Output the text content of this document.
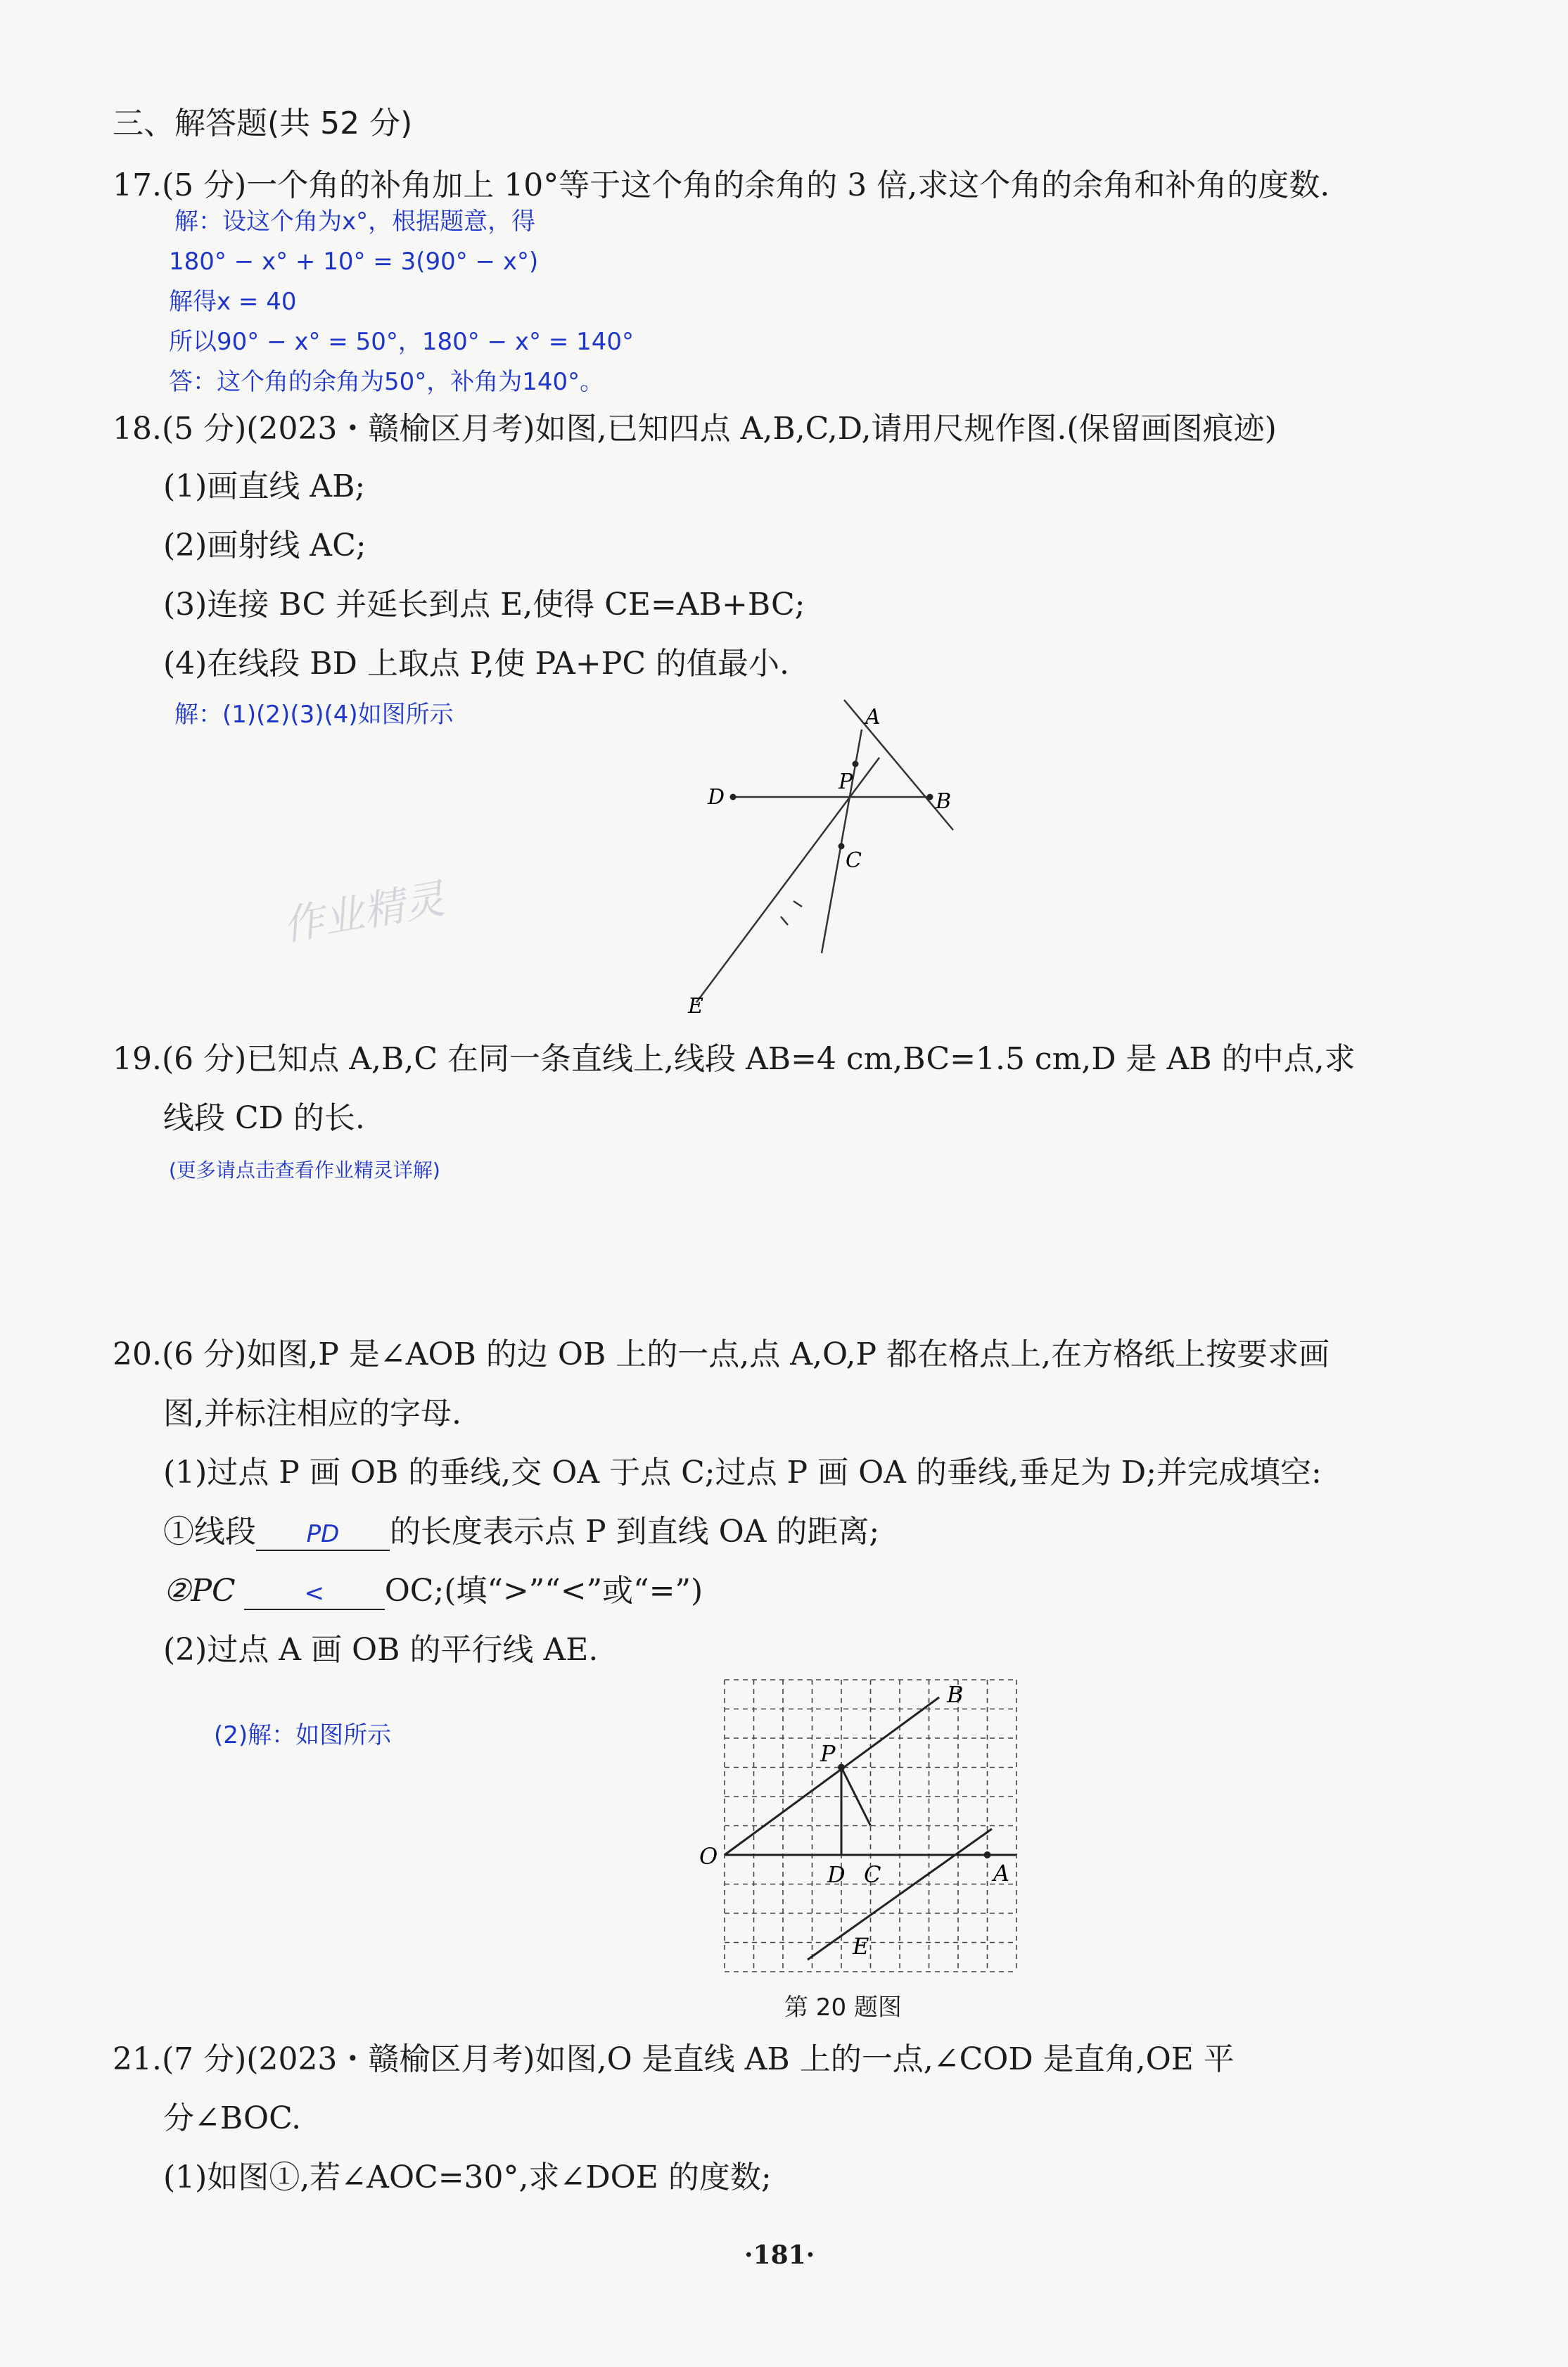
三、解答题(共 52 分)
17.(5 分)一个角的补角加上 10°等于这个角的余角的 3 倍,求这个角的余角和补角的度数.
解：设这个角为x°，根据题意，得
180° − x° + 10° = 3(90° − x°)
解得x = 40
所以90° − x° = 50°，180° − x° = 140°
答：这个角的余角为50°，补角为140°。
18.(5 分)(2023・赣榆区月考)如图,已知四点 A,B,C,D,请用尺规作图.(保留画图痕迹)
(1)画直线 AB;
(2)画射线 AC;
(3)连接 BC 并延长到点 E,使得 CE=AB+BC;
(4)在线段 BD 上取点 P,使 PA+PC 的值最小.
解：(1)(2)(3)(4)如图所示	A
B
C
D
E
P
作业精灵
19.(6 分)已知点 A,B,C 在同一条直线上,线段 AB=4 cm,BC=1.5 cm,D 是 AB 的中点,求
线段 CD 的长.
(更多请点击查看作业精灵详解)
20.(6 分)如图,P 是∠AOB 的边 OB 上的一点,点 A,O,P 都在格点上,在方格纸上按要求画
图,并标注相应的字母.
(1)过点 P 画 OB 的垂线,交 OA 于点 C;过点 P 画 OA 的垂线,垂足为 D;并完成填空:
①线段 PD 的长度表示点 P 到直线 OA 的距离;
②PC	< OC;(填“>”“<”或“=”)
(2)过点 A 画 OB 的平行线 AE.
(2)解：如图所示
O
P
B
D C	A
E
第 20 题图
21.(7 分)(2023・赣榆区月考)如图,O 是直线 AB 上的一点,∠COD 是直角,OE 平
分∠BOC.
(1)如图①,若∠AOC=30°,求∠DOE 的度数;
·181·
